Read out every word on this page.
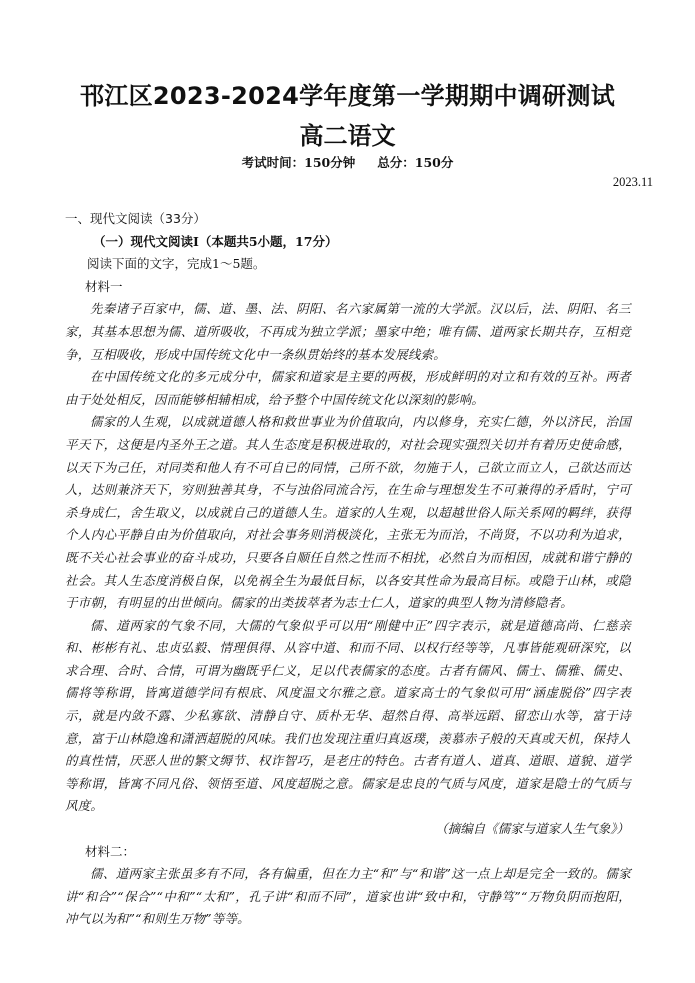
邗江区2023-2024学年度第一学期期中调研测试
高二语文
考试时间：150分钟 总分：150分
2023.11

一、现代文阅读（33分）

（一）现代文阅读Ⅰ（本题共5小题，17分）

阅读下面的文字，完成1～5题。

材料一

先秦诸子百家中，儒、道、墨、法、阴阳、名六家属第一流的大学派。汉以后，法、阴阳、名三家，其基本思想为儒、道所吸收，不再成为独立学派；墨家中绝；唯有儒、道两家长期共存，互相竞争，互相吸收，形成中国传统文化中一条纵贯始终的基本发展线索。

在中国传统文化的多元成分中，儒家和道家是主要的两极，形成鲜明的对立和有效的互补。两者由于处处相反，因而能够相辅相成，给予整个中国传统文化以深刻的影响。

儒家的人生观，以成就道德人格和救世事业为价值取向，内以修身，充实仁德，外以济民，治国平天下，这便是内圣外王之道。其人生态度是积极进取的，对社会现实强烈关切并有着历史使命感，以天下为己任，对同类和他人有不可自已的同情，己所不欲，勿施于人，己欲立而立人，己欲达而达人，达则兼济天下，穷则独善其身，不与浊俗同流合污，在生命与理想发生不可兼得的矛盾时，宁可杀身成仁，舍生取义，以成就自己的道德人生。道家的人生观，以超越世俗人际关系网的羁绊，获得个人内心平静自由为价值取向，对社会事务则消极淡化，主张无为而治，不尚贤，不以功利为追求，既不关心社会事业的奋斗成功，只要各自顺任自然之性而不相扰，必然自为而相因，成就和谐宁静的社会。其人生态度消极自保，以免祸全生为最低目标，以各安其性命为最高目标。或隐于山林，或隐于市朝，有明显的出世倾向。儒家的出类拔萃者为志士仁人，道家的典型人物为清修隐者。

儒、道两家的气象不同，大儒的气象似乎可以用“刚健中正”四字表示，就是道德高尚、仁慈亲和、彬彬有礼、忠贞弘毅、情理俱得、从容中道、和而不同、以权行经等等，凡事皆能观研深究，以求合理、合时、合情，可谓为幽既乎仁义，足以代表儒家的态度。古者有儒风、儒士、儒雅、儒史、儒将等称谓，皆寓道德学问有根底、风度温文尔雅之意。道家高士的气象似可用“涵虚脱俗”四字表示，就是内敛不露、少私寡欲、清静自守、质朴无华、超然自得、高举远蹈、留恋山水等，富于诗意，富于山林隐逸和潇洒超脱的风味。我们也发现注重归真返璞，羡慕赤子般的天真或天机，保持人的真性情，厌恶人世的繁文缛节、权诈智巧，是老庄的特色。古者有道人、道真、道眼、道貌、道学等称谓，皆寓不同凡俗、领悟至道、风度超脱之意。儒家是忠良的气质与风度，道家是隐士的气质与风度。

（摘编自《儒家与道家人生气象》）

材料二：

儒、道两家主张虽多有不同，各有偏重，但在力主“和”与“和谐”这一点上却是完全一致的。儒家讲“和合”“保合”“中和”“太和”，孔子讲“和而不同”，道家也讲“致中和，守静笃”“万物负阴而抱阳，冲气以为和”“和则生万物”等等。
